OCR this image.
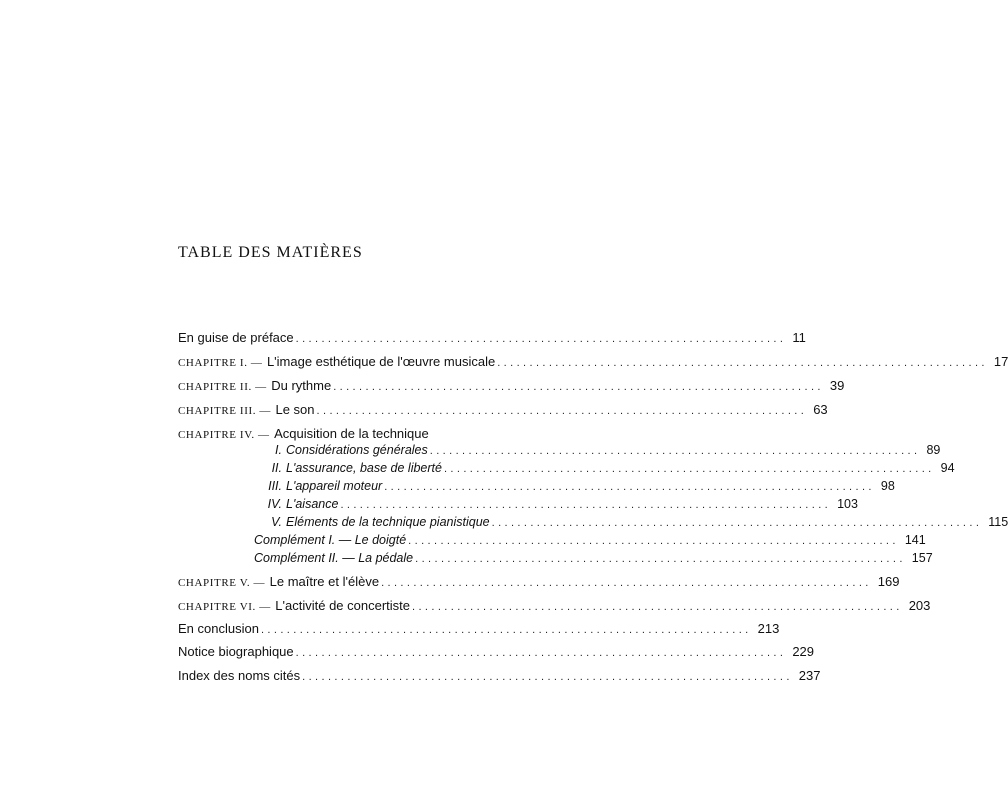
TABLE DES MATIÈRES
En guise de préface ............................................................................ 11
CHAPITRE I. —
L'image esthétique de l'œuvre musicale ............................................................................ 17
CHAPITRE II. —
Du rythme ............................................................................ 39
CHAPITRE III. —
Le son ............................................................................ 63
CHAPITRE IV. —
Acquisition de la technique
I. Considérations générales ............................................................................ 89
II. L'assurance, base de liberté ............................................................................ 94
III. L'appareil moteur ............................................................................ 98
IV. L'aisance ............................................................................ 103
V. Eléments de la technique pianistique ............................................................................ 115
Complément I. — Le doigté ............................................................................ 141
Complément II. — La pédale ............................................................................ 157
CHAPITRE V. —
Le maître et l'élève ............................................................................ 169
CHAPITRE VI. —
L'activité de concertiste ............................................................................ 203
En conclusion ............................................................................ 213
Notice biographique ............................................................................ 229
Index des noms cités ............................................................................ 237
